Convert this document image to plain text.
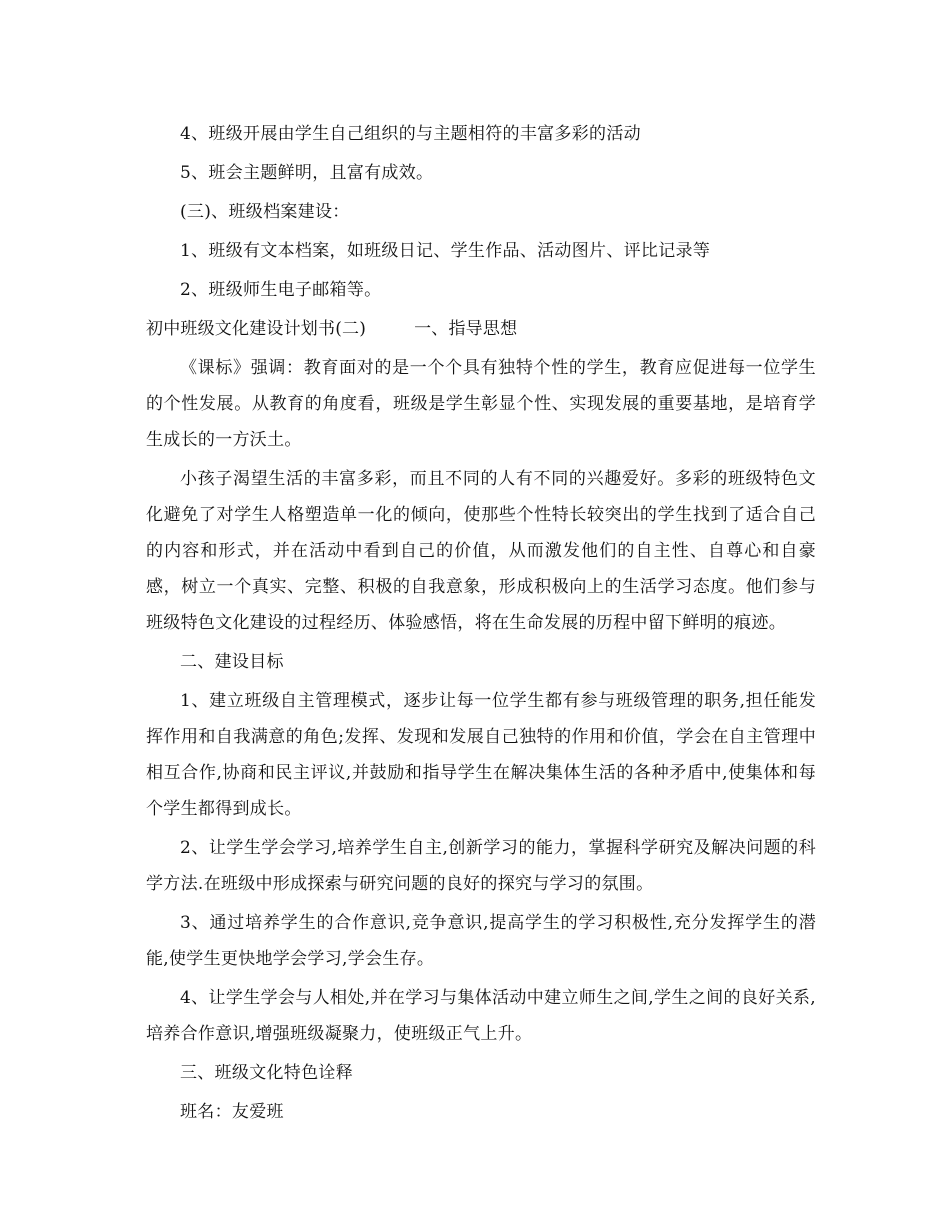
4、班级开展由学生自己组织的与主题相符的丰富多彩的活动

5、班会主题鲜明，且富有成效。

(三)、班级档案建设：

1、班级有文本档案，如班级日记、学生作品、活动图片、评比记录等

2、班级师生电子邮箱等。

初中班级文化建设计划书(二)	一、指导思想

《课标》强调：教育面对的是一个个具有独特个性的学生，教育应促进每一位学生的个性发展。从教育的角度看，班级是学生彰显个性、实现发展的重要基地，是培育学生成长的一方沃土。

小孩子渴望生活的丰富多彩，而且不同的人有不同的兴趣爱好。多彩的班级特色文化避免了对学生人格塑造单一化的倾向，使那些个性特长较突出的学生找到了适合自己的内容和形式，并在活动中看到自己的价值，从而激发他们的自主性、自尊心和自豪感，树立一个真实、完整、积极的自我意象，形成积极向上的生活学习态度。他们参与班级特色文化建设的过程经历、体验感悟，将在生命发展的历程中留下鲜明的痕迹。

二、建设目标

1、建立班级自主管理模式，逐步让每一位学生都有参与班级管理的职务,担任能发挥作用和自我满意的角色;发挥、发现和发展自己独特的作用和价值，学会在自主管理中相互合作,协商和民主评议,并鼓励和指导学生在解决集体生活的各种矛盾中,使集体和每个学生都得到成长。

2、让学生学会学习,培养学生自主,创新学习的能力，掌握科学研究及解决问题的科学方法.在班级中形成探索与研究问题的良好的探究与学习的氛围。

3、通过培养学生的合作意识,竞争意识,提高学生的学习积极性,充分发挥学生的潜能,使学生更快地学会学习,学会生存。

4、让学生学会与人相处,并在学习与集体活动中建立师生之间,学生之间的良好关系,培养合作意识,增强班级凝聚力，使班级正气上升。

三、班级文化特色诠释

班名：友爱班
